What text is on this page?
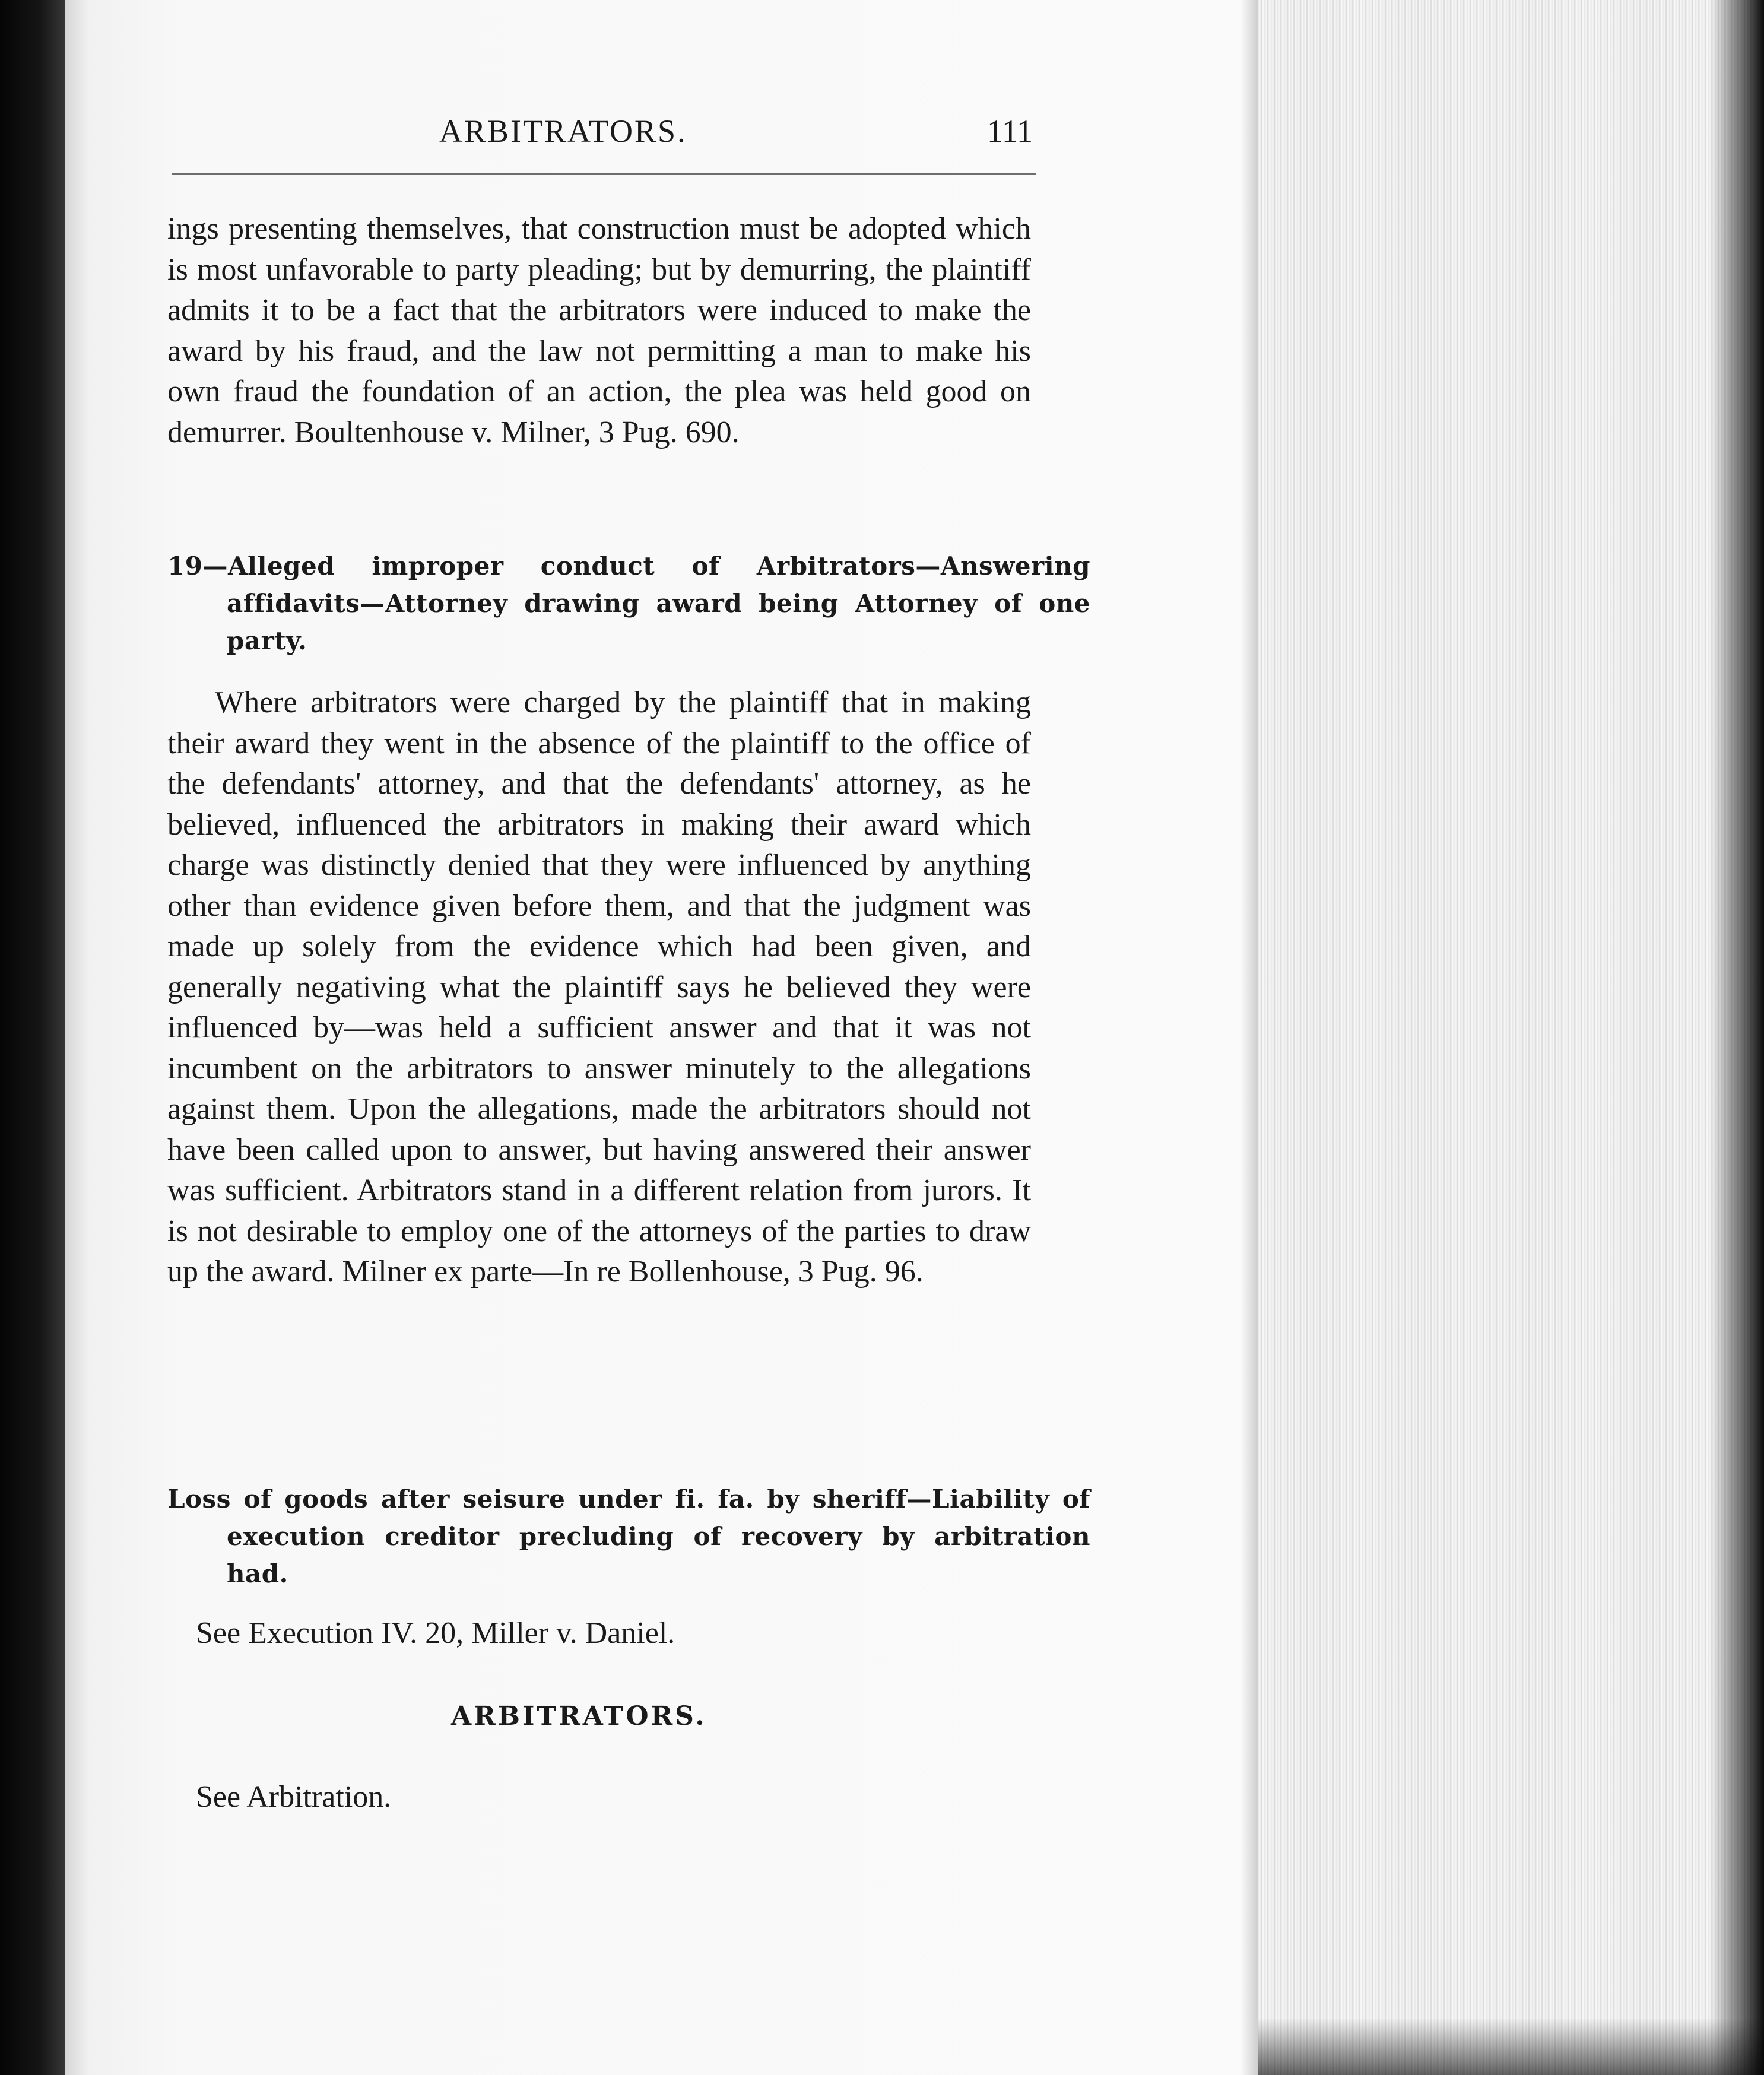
ARBITRATORS.	111

ings presenting themselves, that construction must be adopted which is most unfavorable to party pleading; but by demurring, the plaintiff admits it to be a fact that the arbitrators were induced to make the award by his fraud, and the law not permitting a man to make his own fraud the foundation of an action, the plea was held good on demurrer. Boultenhouse v. Milner, 3 Pug. 690.

19—Alleged improper conduct of Arbitrators—Answering affidavits—Attorney drawing award being Attorney of one party.

Where arbitrators were charged by the plaintiff that in making their award they went in the absence of the plaintiff to the office of the defendants' attorney, and that the defendants' attorney, as he believed, influenced the arbitrators in making their award which charge was distinctly denied that they were influenced by anything other than evidence given before them, and that the judgment was made up solely from the evidence which had been given, and generally negativing what the plaintiff says he believed they were influenced by—was held a sufficient answer and that it was not incumbent on the arbitrators to answer minutely to the allegations against them. Upon the allegations, made the arbitrators should not have been called upon to answer, but having answered their answer was sufficient. Arbitrators stand in a different relation from jurors. It is not desirable to employ one of the attorneys of the parties to draw up the award. Milner ex parte—In re Bollenhouse, 3 Pug. 96.

Loss of goods after seisure under fi. fa. by sheriff—Liability of execution creditor precluding of recovery by arbitration had.

See Execution IV. 20, Miller v. Daniel.
ARBITRATORS.
See Arbitration.
